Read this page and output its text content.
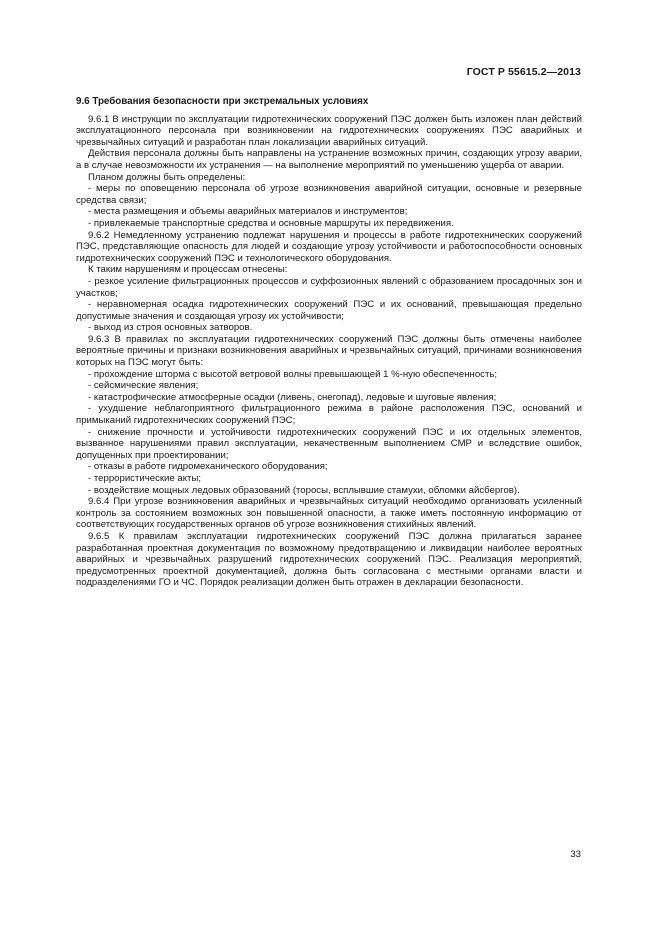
ГОСТ Р 55615.2—2013
9.6 Требования безопасности при экстремальных условиях

9.6.1 В инструкции по эксплуатации гидротехнических сооружений ПЭС должен быть изложен план действий эксплуатационного персонала при возникновении на гидротехнических сооружениях ПЭС аварийных и чрезвычайных ситуаций и разработан план локализации аварийных ситуаций.

Действия персонала должны быть направлены на устранение возможных причин, создающих угрозу аварии, а в случае невозможности их устранения — на выполнение мероприятий по уменьшению ущерба от аварии.

Планом должны быть определены:

- меры по оповещению персонала об угрозе возникновения аварийной ситуации, основные и резервные средства связи;

- места размещения и объемы аварийных материалов и инструментов;

- привлекаемые транспортные средства и основные маршруты их передвижения.

9.6.2 Немедленному устранению подлежат нарушения и процессы в работе гидротехнических сооружений ПЭС, представляющие опасность для людей и создающие угрозу устойчивости и работоспособности основных гидротехнических сооружений ПЭС и технологического оборудования.

К таким нарушениям и процессам отнесены:

- резкое усиление фильтрационных процессов и суффозионных явлений с образованием просадочных зон и участков;

- неравномерная осадка гидротехнических сооружений ПЭС и их оснований, превышающая предельно допустимые значения и создающая угрозу их устойчивости;

- выход из строя основных затворов.

9.6.3 В правилах по эксплуатации гидротехнических сооружений ПЭС должны быть отмечены наиболее вероятные причины и признаки возникновения аварийных и чрезвычайных ситуаций, причинами возникновения которых на ПЭС могут быть:

- прохождение шторма с высотой ветровой волны превышающей 1 %-ную обеспеченность;

- сейсмические явления;

- катастрофические атмосферные осадки (ливень, снегопад), ледовые и шуговые явления;

- ухудшение неблагоприятного фильтрационного режима в районе расположения ПЭС, оснований и примыканий гидротехнических сооружений ПЭС;

- снижение прочности и устойчивости гидротехнических сооружений ПЭС и их отдельных элементов, вызванное нарушениями правил эксплуатации, некачественным выполнением СМР и вследствие ошибок, допущенных при проектировании;

- отказы в работе гидромеханического оборудования;

- террористические акты;

- воздействие мощных ледовых образований (торосы, всплывшие стамухи, обломки айсбергов).

9.6.4 При угрозе возникновения аварийных и чрезвычайных ситуаций необходимо организовать усиленный контроль за состоянием возможных зон повышенной опасности, а также иметь постоянную информацию от соответствующих государственных органов об угрозе возникновения стихийных явлений.

9.6.5 К правилам эксплуатации гидротехнических сооружений ПЭС должна прилагаться заранее разработанная проектная документация по возможному предотвращению и ликвидации наиболее вероятных аварийных и чрезвычайных разрушений гидротехнических сооружений ПЭС. Реализация мероприятий, предусмотренных проектной документацией, должна быть согласована с местными органами власти и подразделениями ГО и ЧС. Порядок реализации должен быть отражен в декларации безопасности.

33
